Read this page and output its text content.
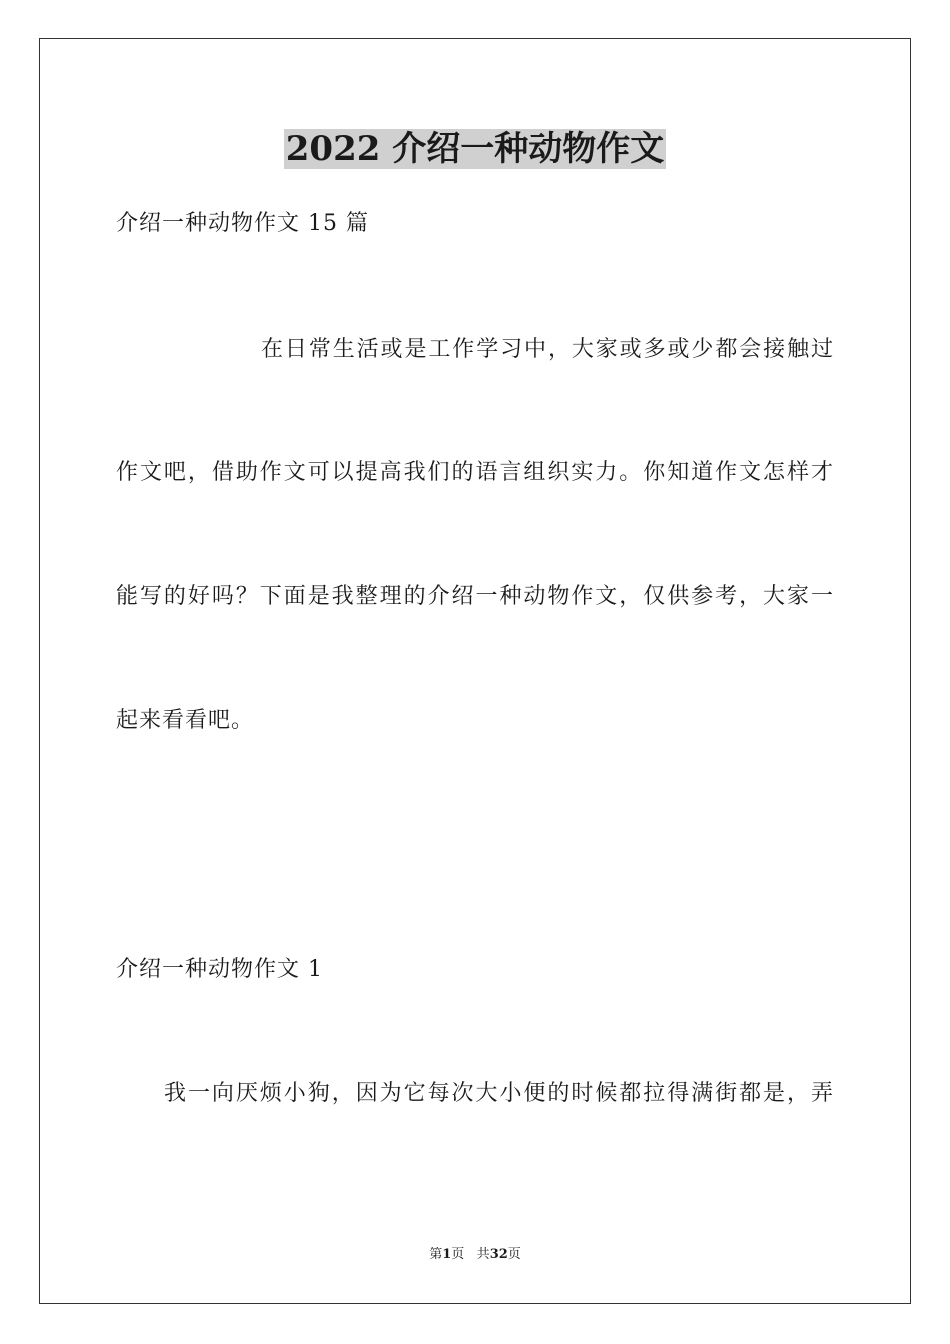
2022 介绍一种动物作文
介绍一种动物作文 15 篇
在日常生活或是工作学习中，大家或多或少都会接触过
作文吧，借助作文可以提高我们的语言组织实力。你知道作文怎样才
能写的好吗？下面是我整理的介绍一种动物作文，仅供参考，大家一
起来看看吧。
介绍一种动物作文 1
我一向厌烦小狗，因为它每次大小便的时候都拉得满街都是，弄
第1页 共32页
